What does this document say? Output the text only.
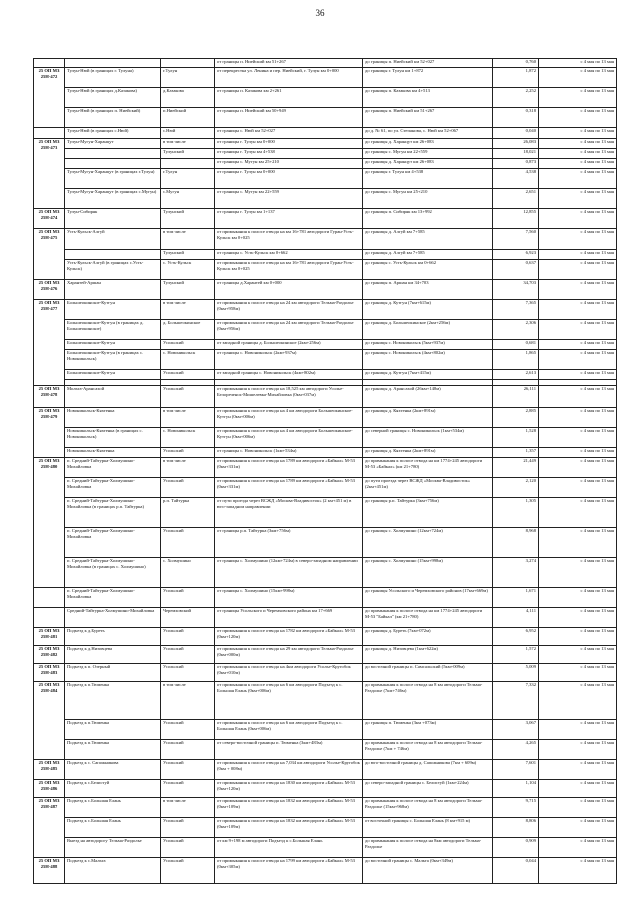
36
			от границы п. Ниейский км 51+267	до границы п. Ниейский км 52+027	0,760	с 4 мая по 13 мая
25 ОП МЗ 25Н-472	Тулун-Нюй (в границах г. Тулуна)	г.Тулун	от перекрестка ул. Ленина и пер. Ниейский, г. Тулун км 0+000	до границы г. Тулун км 1+872	1,872	с 4 мая по 13 мая
	Тулун-Нюй (в границах д.Казакова)	д.Казакова	от границы п. Казакова км 2+261	до границы п. Казакова км 4+513	2,252	с 4 мая по 13 мая
	Тулун-Нюй (в границах п. Ниейский)	п.Ниейский	от границы п. Ниейский км 50+949	до границы п. Ниейский км 51+267	0,318	с 4 мая по 13 мая
	Тулун-Нюй (в границах с.Нюй)	с.Нюй	от границы с. Нюй км 52+027	до д. № 61, по ул. Степанова, с. Нюй км 52+067	0,040	с 4 мая по 13 мая
25 ОП МЗ 25Н-473	Тулун-Мугун-Харанцут	в том числе	от границы г. Тулун км 0+000	до границы д. Харанцут км 26+083	26,083	с 4 мая по 13 мая
		Тулунский	от границы г. Тулун км 4+538	до границы с. Мугун км 22+559	18,021	с 4 мая по 13 мая
			от границы с. Мугун км 25+210	до границы д. Харанцут км 26+083	0,873	с 4 мая по 13 мая
	Тулун-Мугун-Харанцут (в границах г.Тулун)	г.Тулун	от границы г. Тулун км 0+000	до границы г. Тулун км 4+538	4,538	с 4 мая по 13 мая
	Тулун-Мугун-Харанцут (в границах с.Мугун)	с.Мугун	от границы с. Мугун км 22+559	до границы с. Мугун км 25+210	2,651	с 4 мая по 13 мая
25 ОП МЗ 25Н-474	Тулун-Сибиряк	Тулунский	от границы г. Тулун км 1+137	до границы п. Сибиряк км 13+992	12,855	с 4 мая по 13 мая
25 ОП МЗ 25Н-475	Усть-Кульск-Алгуй	в том числе	от примыкания к полосе отвода на км 16+781 автодороги Гуран-Усть-Кульск км 0+025	до границы д. Алгуй км 7+585	7,560	с 4 мая по 13 мая
		Тулунский	от границы с. Усть-Кульск км 0+662	до границы д. Алгуй км 7+585	6,923	с 4 мая по 13 мая
	Усть-Кульск-Алгуй (в границах с.Усть-Кульск)	с. Усть-Кульск	от примыкания к полосе отвода на км 16+781 автодороги Гуран-Усть-Кульск км 0+025	до границы с. Усть-Кульск км 0+662	0,637	с 4 мая по 13 мая
25 ОП МЗ 25Н-476	Харантей-Аршан	Тулунский	от границы д.Харантей км 0+000	до границы п. Аршан км 34+703	34,703	с 4 мая по 13 мая
25 ОП МЗ 25Н-477	Большеокинское-Кутгун	в том числе	от примыкания к полосе отвода на 24 км автодороги Тельма-Раздолье (0км+958м)	до границы д. Кутгун (7км+615м)	7,365	с 4 мая по 13 мая
	Большеокинское-Кутгун (в границах д. Большеокинское)	д. Большеокинское	от примыкания к полосе отвода на 24 км автодороги Тельма-Раздолье (0км+956м)	до границы д. Большеокинское (2км+256м)	2,306	с 4 мая по 13 мая
	Большеокинское-Кутгун	Усольский	от западной границы д. Большеокинское (2км+256м)	до границы с. Новоникольск (5км+937м)	0,681	с 4 мая по 13 мая
	Большеокинское-Кутгун (в границах с. Новоникольск)	с. Новоникольск	от границы с. Новоникольск (2км+937м)	до границы с. Новоникольск (4км+802м)	1,865	с 4 мая по 13 мая
	Большеокинское-Кутгун	Усольский	от западной границы с. Новоникольск (4км+802м)	до границы д. Кутгун (7км+415м)	2,613	с 4 мая по 13 мая

25 ОП МЗ 25Н-478	Мольта-Арансахой	Усольский	от примыкания к полосе отвода на 18,525 км автодороги Усолье-Белореченск-Мишелевка-Михайловка (0км+037м)	до границы д. Арансахой (26км+148м)	26,111	с 4 мая по 13 мая
25 ОП МЗ 25Н-479	Новоникольск-Кяхтенка	в том числе	от примыкания к полосе отвода на 4 км автодороги Большеокинское-Кутгун (0км+006м)	до границы д. Кяхтенка (2км+891м)	2,885	с 4 мая по 13 мая
	Новоникольск-Кяхтенка (в границах с. Новоникольск)	с. Новоникольск	от примыкания к полосе отвода на 4 км автодороги Большеокинское-Кутгун (0км+006м)	до северной границы с. Новоникольск (1км+534м)	1,528	с 4 мая по 13 мая
	Новоникольск-Кяхтенка	Усольский	от границы с. Новоникольск (1км+534м)	до границы д. Кяхтенка (2км+891м)	1,357	с 4 мая по 13 мая
25 ОП МЗ 25Н-480	п. Средний-Тайтурка-Холмушино-Михайловка	в том числе	от примыкания к полосе отвода на 1789 км автодороги «Байкал» М-53 (0км+331м)	до примыкания к полосе отвода на км 1774+245 автодороги М-53 «Байкал» (км 21+780)	21,449	с 4 мая по 13 мая
	п. Средний-Тайтурка-Холмушино-Михайловка	Усольский	от примыкания к полосе отвода на 1789 км автодороги «Байкал» М-53 (0км+331м)	до пути проезда через ВСЖД «Москва-Владивосток» (2км+451м)	2,120	с 4 мая по 13 мая
	п. Средний-Тайтурка-Холмушино-Михайловка (в границах р.п. Тайтурка)	р.п. Тайтурка	от пути проезда через ВСЖД «Москва-Владивосток» (2 км+451 м) в юго-западном направлении	до границы р.п. Тайтурка (3км+756м)	1,305	с 4 мая по 13 мая
	п. Средний-Тайтурка-Холмушино-Михайловка	Усольский	от границы р.п. Тайтурка (3км+756м)	до границы с. Холмушино (12км+724м)	8,968	с 4 мая по 13 мая
	п. Средний-Тайтурка-Холмушино-Михайловка (в границах с. Холмушино)	с. Холмушино	от границы с. Холмушино (12км+724м) в северо-западном направлении	до границы с. Холмушино (15км+998м)	3,274	с 4 мая по 13 мая
	п. Средний-Тайтурка-Холмушино-Михайловка	Усольский	от границы с. Холмушино (15км+998м)	до границы Усольского и Черемховского районов (17км+669м)	1,671	с 4 мая по 13 мая
	Средний-Тайтурка-Холмушино-Михайловка	Черемховский	от границы Усольского и Черемховского района км 17+669	до примыкания к полосе отвода на км 1774+245 автодороги М-53 "Байкал" (км 21+780)	4,111	с 4 мая по 13 мая
25 ОП МЗ 25Н-481	Подъезд к д.Буреть	Усольский	от примыкания к полосе отвода на 1782 км автодороги «Байкал» М-53 (0км+120м)	до границы д. Буреть (7км+072м)	6,952	с 4 мая по 13 мая
25 ОП МЗ 25Н-482	Подъезд к д.Низовцева	Усольский	от примыкания к полосе отвода на 29 км автодороги Тельма-Раздолье (0км+000м)	до границы д. Низовцева (1км+622м)	1,572	с 4 мая по 13 мая
25 ОП МЗ 25Н-483	Подъезд к п. Озерный	Усольский	от примыкания к полосе отвода на 4км автодороги Усолье-Кругобок (0км+010м)	до восточной границы п. Самсальский (5км+009м)	5,009	с 4 мая по 13 мая
25 ОП МЗ 25Н-484	Подъезд к п.Тюменка	в том числе	от примыкания к полосе отвода на 6 км автодороги Подъезд к с. Большая Елань (0км+006м)	до примыкания к полосе отвода на 8 км автодороги Тельма-Раздолье (7км+746м)	7,332	с 4 мая по 13 мая
	Подъезд к п.Тюменка	Усольский	от примыкания к полосе отвода на 6 км автодороги Подъезд к с. Большая Елань (0км+006м)	до границы п. Тюменка (3км +073м)	3,067	с 4 мая по 13 мая
	Подъезд к п.Тюменка	Усольский	от северо-восточной границы п. Тюменка (3км+483м)	до примыкания к полосе отвода на 8 км автодороги Тельма-Раздолье (7км + 746м)	4,265	с 4 мая по 13 мая
25 ОП МЗ 25Н-485	Подъезд к с. Сапожникова	Усольский	от примыкания к полосе отвода на 7,034 км автодороги Усолье-Кругобок (0км + 008м)	до юго-восточной границы д. Сапожникова (7км + 609м)	7,601	с 4 мая по 13 мая
25 ОП МЗ 25Н-486	Подъезд к с.Белистуй	Усольский	от примыкания к полосе отвода на 1830 км автодороги «Байкал» М-53 (0км+120м)	до северо-западной границы с. Белистуй (1км+224м)	1,104	с 4 мая по 13 мая
25 ОП МЗ 25Н-487	Подъезд к с.Большая Елань	в том числе	от примыкания к полосе отвода на 1832 км автодороги «Байкал» М-53 (0км+109м)	до примыкания к полосе отвода на 8 км автодороги Тельма-Раздолье (15км+968м)	9,715	с 4 мая по 13 мая
	Подъезд к с.Большая Елань	Усольский	от примыкания к полосе отвода на 1832 км автодороги «Байкал» М-53 (0км+109м)	от восточной границы с. Большая Елань (8 км+915 м)	8,806	с 4 мая по 13 мая
	Выезд на автодорогу Тельма-Раздолье	Усольский	от км 9+198 м автодороги Подъезд к с.Большая Елань	до примыкания к полосе отвода на 8км автодороги Тельма-Раздолье	0,909	с 4 мая по 13 мая
25 ОП МЗ 25Н-488	Подъезд к с.Мальта	Усольский	от примыкания к полосе отвода на 1799 км автодороги «Байкал» М-53 (0км+305м)	до восточной границы с. Мальта (0км+349м)	0,044	с 4 мая по 13 мая
